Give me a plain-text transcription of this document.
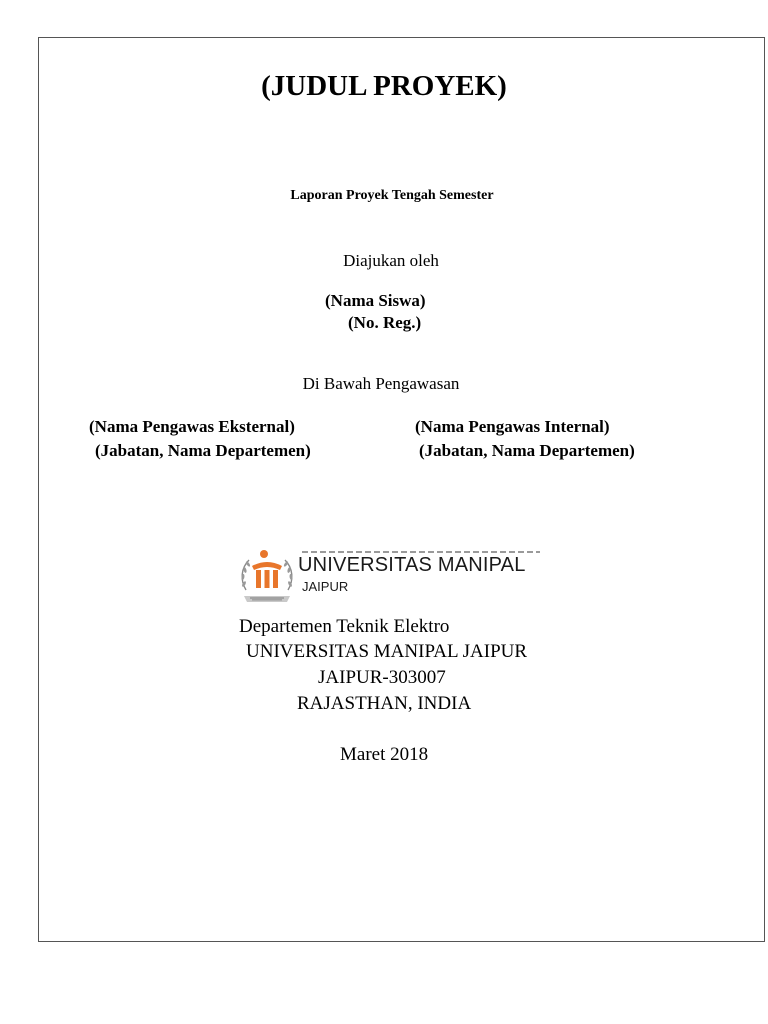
(JUDUL PROYEK)
Laporan Proyek Tengah Semester
Diajukan oleh
(Nama Siswa)
(No. Reg.)
Di Bawah Pengawasan
(Nama Pengawas Eksternal)
(Jabatan, Nama Departemen)
(Nama Pengawas Internal)
(Jabatan, Nama Departemen)
UNIVERSITAS MANIPAL
JAIPUR
Departemen Teknik Elektro
UNIVERSITAS MANIPAL JAIPUR
JAIPUR-303007
RAJASTHAN, INDIA
Maret 2018
